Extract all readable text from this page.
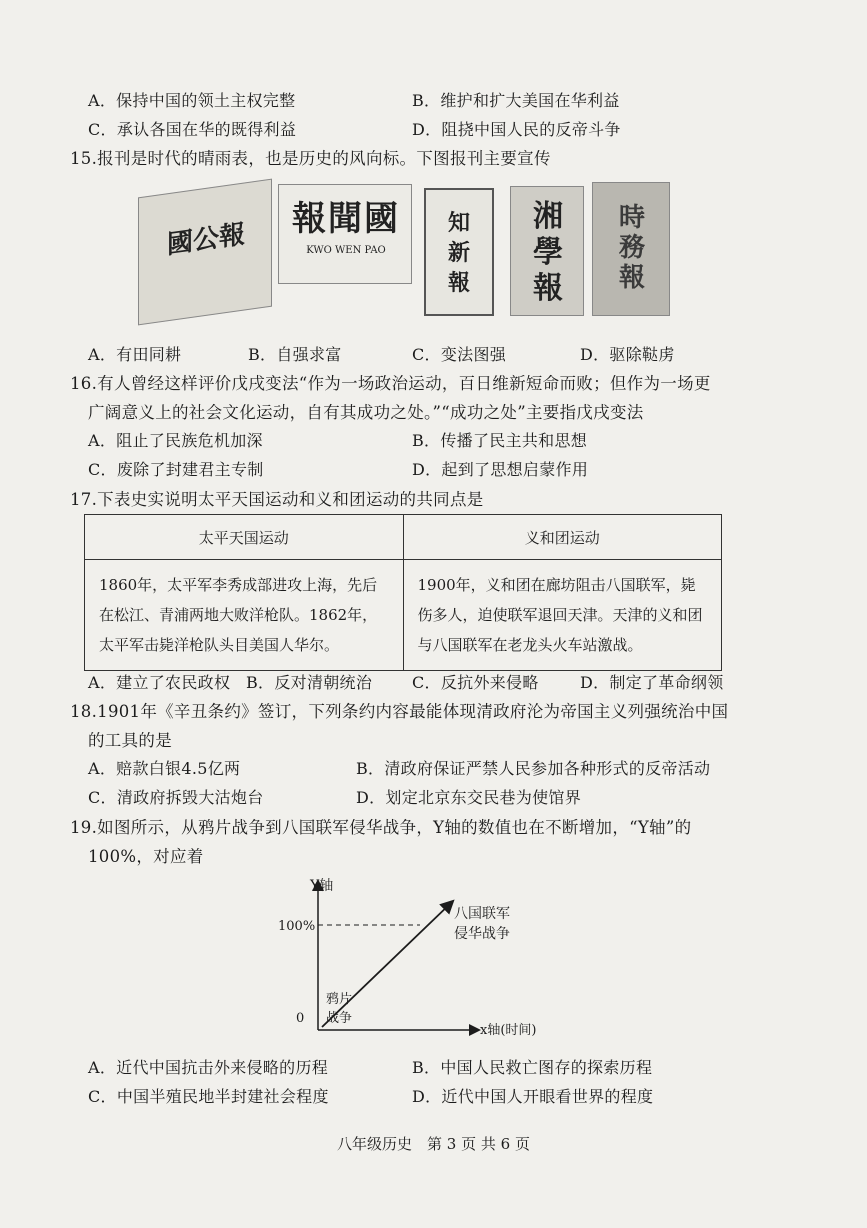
A．保持中国的领土主权完整	B．维护和扩大美国在华利益
C．承认各国在华的既得利益	D．阻挠中国人民的反帝斗争
15.报刊是时代的晴雨表，也是历史的风向标。下图报刊主要宣传
國公報
報聞國
KWO WEN PAO
知新報
湘學報
時務報
A．有田同耕	B．自强求富	C．变法图强	D．驱除鞑虏
16.有人曾经这样评价戊戌变法“作为一场政治运动，百日维新短命而败；但作为一场更
广阔意义上的社会文化运动，自有其成功之处。”“成功之处”主要指戊戌变法
A．阻止了民族危机加深	B．传播了民主共和思想
C．废除了封建君主专制	D．起到了思想启蒙作用
17.下表史实说明太平天国运动和义和团运动的共同点是
太平天国运动	义和团运动
1860年，太平军李秀成部进攻上海，先后在松江、青浦两地大败洋枪队。1862年，太平军击毙洋枪队头目美国人华尔。	1900年，义和团在廊坊阻击八国联军，毙伤多人，迫使联军退回天津。天津的义和团与八国联军在老龙头火车站激战。
A．建立了农民政权 B．反对清朝统治 C．反抗外来侵略	D．制定了革命纲领
18.1901年《辛丑条约》签订，下列条约内容最能体现清政府沦为帝国主义列强统治中国
的工具的是
A．赔款白银4.5亿两	B．清政府保证严禁人民参加各种形式的反帝活动
C．清政府拆毁大沽炮台	D．划定北京东交民巷为使馆界
19.如图所示，从鸦片战争到八国联军侵华战争，Y轴的数值也在不断增加，“Y轴”的
100%，对应着
Y轴
100%
0
x轴(时间)
鸦片
战争
八国联军
侵华战争
A．近代中国抗击外来侵略的历程	B．中国人民救亡图存的探索历程
C．中国半殖民地半封建社会程度	D．近代中国人开眼看世界的程度
八年级历史　第 3 页 共 6 页
